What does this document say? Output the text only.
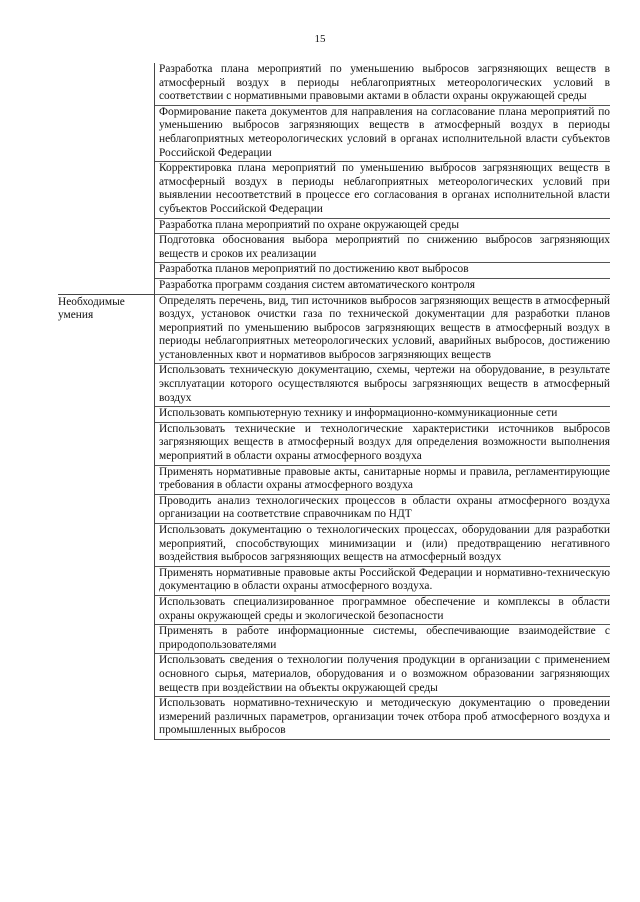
15
	Разработка плана мероприятий по уменьшению выбросов загрязняющих веществ в атмосферный воздух в периоды неблагоприятных метеорологических условий в соответствии с нормативными правовыми актами в области охраны окружающей среды
	Формирование пакета документов для направления на согласование плана мероприятий по уменьшению выбросов загрязняющих веществ в атмосферный воздух в периоды неблагоприятных метеорологических условий в органах исполнительной власти субъектов Российской Федерации
	Корректировка плана мероприятий по уменьшению выбросов загрязняющих веществ в атмосферный воздух в периоды неблагоприятных метеорологических условий при выявлении несоответствий в процессе его согласования в органах исполнительной власти субъектов Российской Федерации
	Разработка плана мероприятий по охране окружающей среды
	Подготовка обоснования выбора мероприятий по снижению выбросов загрязняющих веществ и сроков их реализации
	Разработка планов мероприятий по достижению квот выбросов
	Разработка программ создания систем автоматического контроля

Необходимые умения	Определять перечень, вид, тип источников выбросов загрязняющих веществ в атмосферный воздух, установок очистки газа по технической документации для разработки планов мероприятий по уменьшению выбросов загрязняющих веществ в атмосферный воздух в периоды неблагоприятных метеорологических условий, аварийных выбросов, достижению установленных квот и нормативов выбросов загрязняющих веществ
	Использовать техническую документацию, схемы, чертежи на оборудование, в результате эксплуатации которого осуществляются выбросы загрязняющих веществ в атмосферный воздух
	Использовать компьютерную технику и информационно-коммуникационные сети
	Использовать технические и технологические характеристики источников выбросов загрязняющих веществ в атмосферный воздух для определения возможности выполнения мероприятий в области охраны атмосферного воздуха
	Применять нормативные правовые акты, санитарные нормы и правила, регламентирующие требования в области охраны атмосферного воздуха
	Проводить анализ технологических процессов в области охраны атмосферного воздуха организации на соответствие справочникам по НДТ
	Использовать документацию о технологических процессах, оборудовании для разработки мероприятий, способствующих минимизации и (или) предотвращению негативного воздействия выбросов загрязняющих веществ на атмосферный воздух
	Применять нормативные правовые акты Российской Федерации и нормативно-техническую документацию в области охраны атмосферного воздуха.
	Использовать специализированное программное обеспечение и комплексы в области охраны окружающей среды и экологической безопасности
	Применять в работе информационные системы, обеспечивающие взаимодействие с природопользователями
	Использовать сведения о технологии получения продукции в организации с применением основного сырья, материалов, оборудования и о возможном образовании загрязняющих веществ при воздействии на объекты окружающей среды
	Использовать нормативно-техническую и методическую документацию о проведении измерений различных параметров, организации точек отбора проб атмосферного воздуха и промышленных выбросов
